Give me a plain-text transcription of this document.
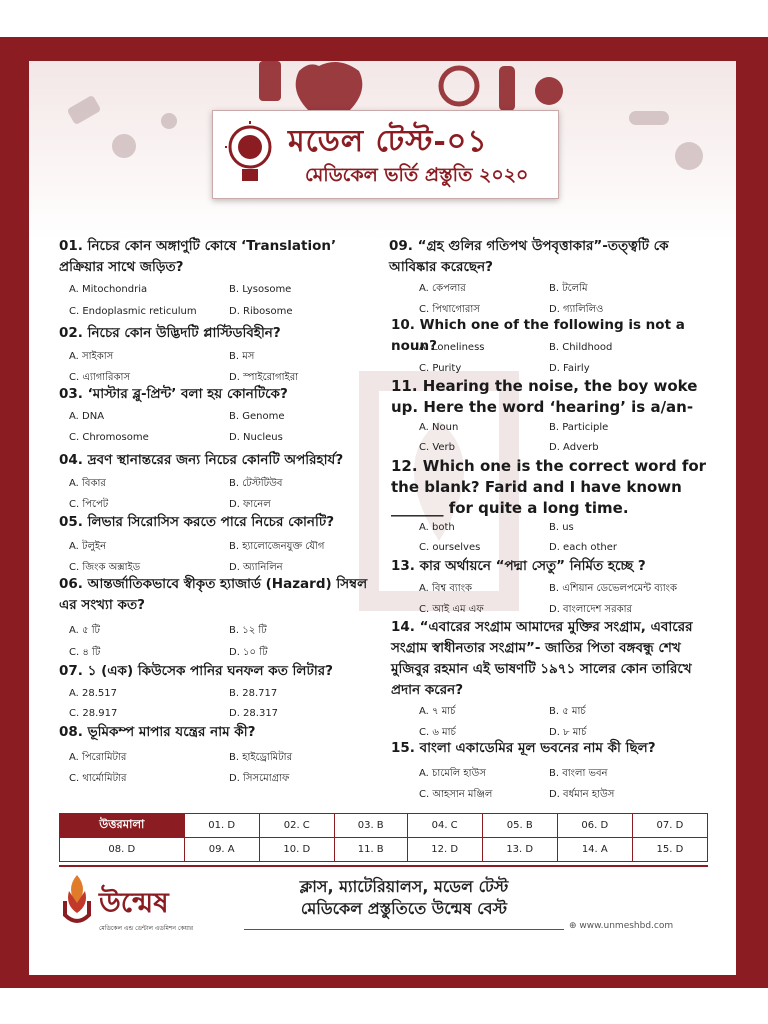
মডেল টেস্ট-০১
মেডিকেল ভর্তি প্রস্তুতি ২০২০
01. নিচের কোন অঙ্গাণুটি কোষে ‘Translation’ প্রক্রিয়ার সাথে জড়িত?
A. Mitochondria	B. Lysosome
C. Endoplasmic reticulum	D. Ribosome
02. নিচের কোন উদ্ভিদটি প্লাস্টিডবিহীন?
A. সাইকাস	B. মস
C. এ্যাগারিকাস	D. স্পাইরোগাইরা
03. ‘মাস্টার ব্লু-প্রিন্ট’ বলা হয় কোনটিকে?
A. DNA	B. Genome
C. Chromosome	D. Nucleus
04. দ্রবণ স্থানান্তরের জন্য নিচের কোনটি অপরিহার্য?
A. বিকার	B. টেস্টটিউব
C. পিপেট	D. ফানেল
05. লিভার সিরোসিস করতে পারে নিচের কোনটি?
A. টলুইন	B. হ্যালোজেনযুক্ত যৌগ
C. জিংক অক্সাইড	D. অ্যানিলিন
06. আন্তর্জাতিকভাবে স্বীকৃত হ্যাজার্ড (Hazard) সিম্বল এর সংখ্যা কত?
A. ৫ টি	B. ১২ টি
C. ৪ টি	D. ১০ টি
07. ১ (এক) কিউসেক পানির ঘনফল কত লিটার?
A. 28.517	B. 28.717
C. 28.917	D. 28.317
08. ভূমিকম্প মাপার যন্ত্রের নাম কী?
A. পিরোমিটার	B. হাইড্রোমিটার
C. থার্মোমিটার	D. সিসমোগ্রাফ
09. “গ্রহ গুলির গতিপথ উপবৃত্তাকার”-তত্ত্বটি কে আবিষ্কার করেছেন?
A. কেপলার	B. টলেমি
C. পিথাগোরাস	D. গ্যালিলিও
10. Which one of the following is not a noun?
A. Loneliness	B. Childhood
C. Purity	D. Fairly
11. Hearing the noise, the boy woke up. Here the word ‘hearing’ is a/an-
A. Noun	B. Participle
C. Verb	D. Adverb
12. Which one is the correct word for the blank? Farid and I have known _______ for quite a long time.
A. both	B. us
C. ourselves	D. each other
13. কার অর্থায়নে “পদ্মা সেতু” নির্মিত হচ্ছে ?
A. বিশ্ব ব্যাংক	B. এশিয়ান ডেভেলপমেন্ট ব্যাংক
C. আই এম এফ	D. বাংলাদেশ সরকার
14. “এবারের সংগ্রাম আমাদের মুক্তির সংগ্রাম, এবারের সংগ্রাম স্বাধীনতার সংগ্রাম”- জাতির পিতা বঙ্গবন্ধু শেখ মুজিবুর রহমান এই ভাষণটি ১৯৭১ সালের কোন তারিখে প্রদান করেন?
A. ৭ মার্চ	B. ৫ মার্চ
C. ৬ মার্চ	D. ৮ মার্চ
15. বাংলা একাডেমির মূল ভবনের নাম কী ছিল?
A. চামেলি হাউস	B. বাংলা ভবন
C. আহসান মঞ্জিল	D. বর্ধমান হাউস
উত্তরমালা	01. D	02. C	03. B	04. C	05. B	06. D	07. D
08. D	09. A	10. D	11. B	12. D	13. D	14. A	15. D
উন্মেষ
মেডিকেল এন্ড ডেন্টাল এডমিশন কেয়ার
ক্লাস, ম্যাটেরিয়ালস, মডেল টেস্ট
মেডিকেল প্রস্তুতিতে উন্মেষ বেস্ট
⊕ www.unmeshbd.com
